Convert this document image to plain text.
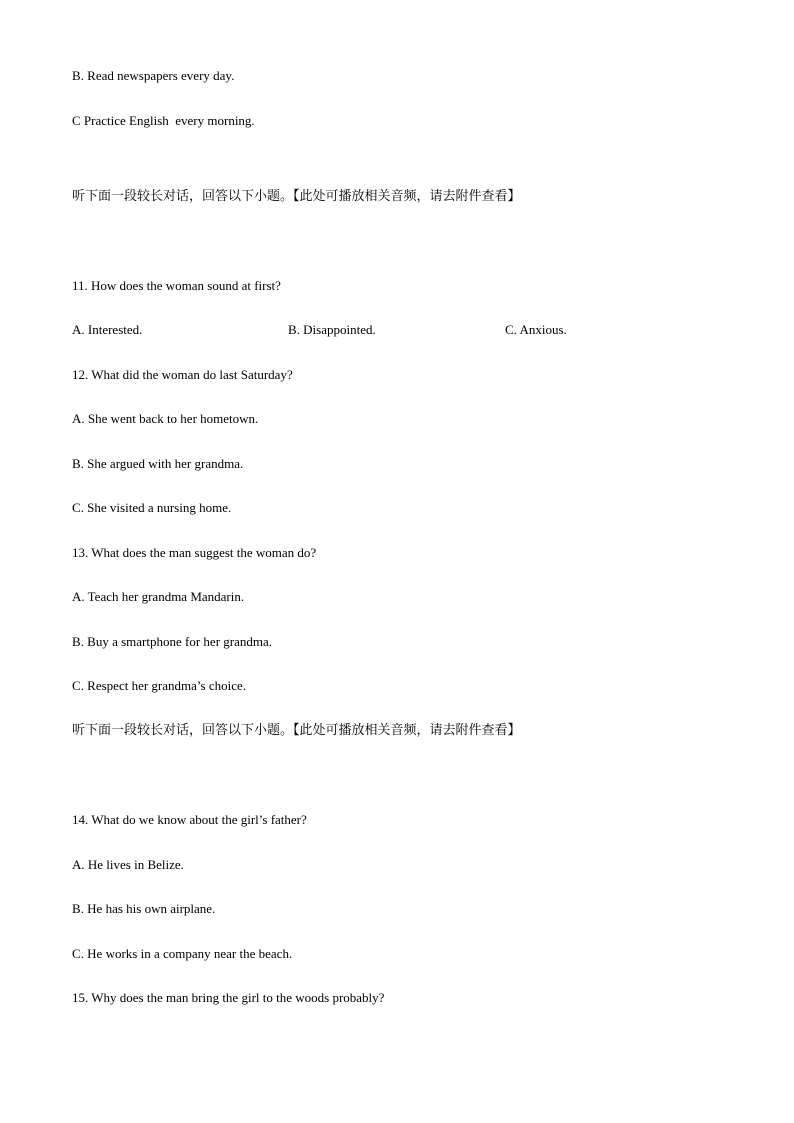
B. Read newspapers every day.
C Practice English  every morning.
听下面一段较长对话，回答以下小题。【此处可播放相关音频，请去附件查看】
11. How does the woman sound at first?
A. Interested.	B. Disappointed.	C. Anxious.
12. What did the woman do last Saturday?
A. She went back to her hometown.
B. She argued with her grandma.
C. She visited a nursing home.
13. What does the man suggest the woman do?
A. Teach her grandma Mandarin.
B. Buy a smartphone for her grandma.
C. Respect her grandma’s choice.
听下面一段较长对话，回答以下小题。【此处可播放相关音频，请去附件查看】
14. What do we know about the girl’s father?
A. He lives in Belize.
B. He has his own airplane.
C. He works in a company near the beach.
15. Why does the man bring the girl to the woods probably?
